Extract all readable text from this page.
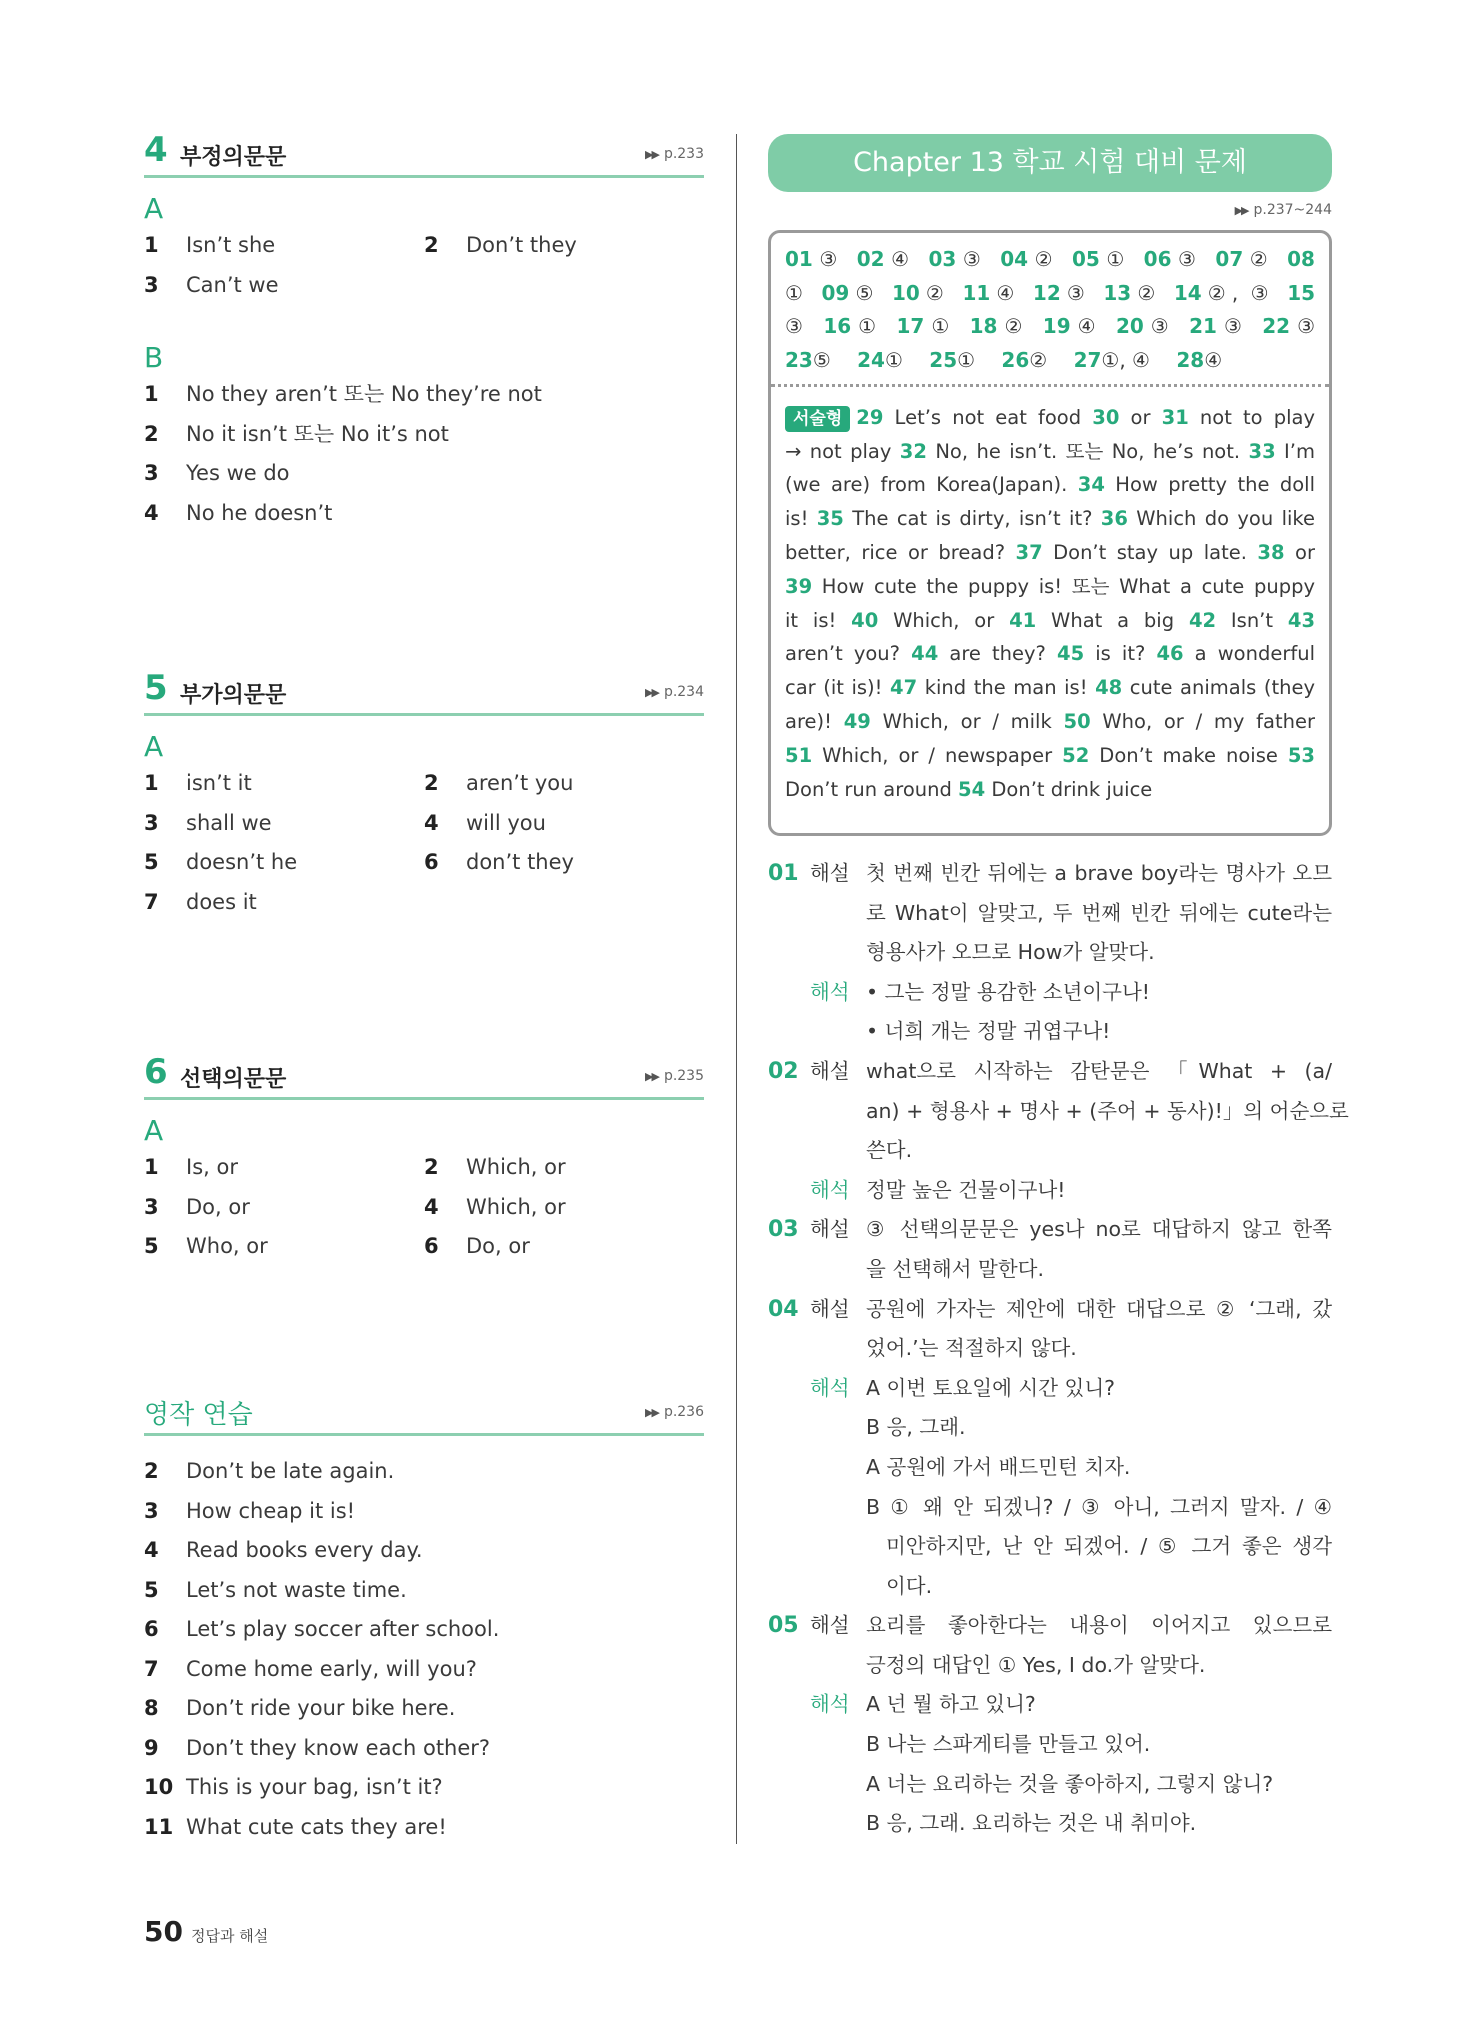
4 부정의문문	▶▶ p.233
A
1 Isn’t she	2 Don’t they
3 Can’t we
B
1 No they aren’t 또는 No they’re not
2 No it isn’t 또는 No it’s not
3 Yes we do
4 No he doesn’t
5 부가의문문	▶▶ p.234
A
1 isn’t it	2 aren’t you
3 shall we	4 will you
5 doesn’t he	6 don’t they
7 does it
6 선택의문문	▶▶ p.235
A
1 Is, or	2 Which, or
3 Do, or	4 Which, or
5 Who, or	6 Do, or
영작 연습	▶▶ p.236
2 Don’t be late again.
3 How cheap it is!
4 Read books every day.
5 Let’s not waste time.
6 Let’s play soccer after school.
7 Come home early, will you?
8 Don’t ride your bike here.
9 Don’t they know each other?
10 This is your bag, isn’t it?
11 What cute cats they are!
Chapter 13 학교 시험 대비 문제
▶▶ p.237~244
01③ 02④ 03③ 04② 05① 06③ 07② 08
① 09⑤ 10② 11④ 12③ 13② 14②, ③ 15
③ 16① 17① 18② 19④ 20③ 21③ 22③
23⑤  24①  25①  26②  27①, ④  28④
서술형 29 Let’s not eat food 30 or 31 not to play
→ not play 32 No, he isn’t. 또는 No, he’s not. 33 I’m
(we are) from Korea(Japan). 34 How pretty the doll
is! 35 The cat is dirty, isn’t it? 36 Which do you like
better, rice or bread? 37 Don’t stay up late. 38 or
39 How cute the puppy is! 또는 What a cute puppy
it is! 40 Which, or 41 What a big 42 Isn’t 43
aren’t you? 44 are they? 45 is it? 46 a wonderful
car (it is)! 47 kind the man is! 48 cute animals (they
are)! 49 Which, or / milk 50 Who, or / my father
51 Which, or / newspaper 52 Don’t make noise 53
Don’t run around 54 Don’t drink juice
01 해설 첫 번째 빈칸 뒤에는 a brave boy라는 명사가 오므
로 What이 알맞고, 두 번째 빈칸 뒤에는 cute라는
형용사가 오므로 How가 알맞다.
해석 • 그는 정말 용감한 소년이구나!
• 너희 개는 정말 귀엽구나!
02 해설 what으로 시작하는 감탄문은 「What + (a/
an) + 형용사 + 명사 + (주어 + 동사)!」의 어순으로
쓴다.
해석 정말 높은 건물이구나!
03 해설 ③ 선택의문문은 yes나 no로 대답하지 않고 한쪽
을 선택해서 말한다.
04 해설 공원에 가자는 제안에 대한 대답으로 ② ‘그래, 갔
었어.’는 적절하지 않다.
해석 A 이번 토요일에 시간 있니?
B 응, 그래.
A 공원에 가서 배드민턴 치자.
B ① 왜 안 되겠니? / ③ 아니, 그러지 말자. / ④
미안하지만, 난 안 되겠어. / ⑤ 그거 좋은 생각
이다.
05 해설 요리를 좋아한다는 내용이 이어지고 있으므로
긍정의 대답인 ① Yes, I do.가 알맞다.
해석 A 넌 뭘 하고 있니?
B 나는 스파게티를 만들고 있어.
A 너는 요리하는 것을 좋아하지, 그렇지 않니?
B 응, 그래. 요리하는 것은 내 취미야.
50 정답과 해설
